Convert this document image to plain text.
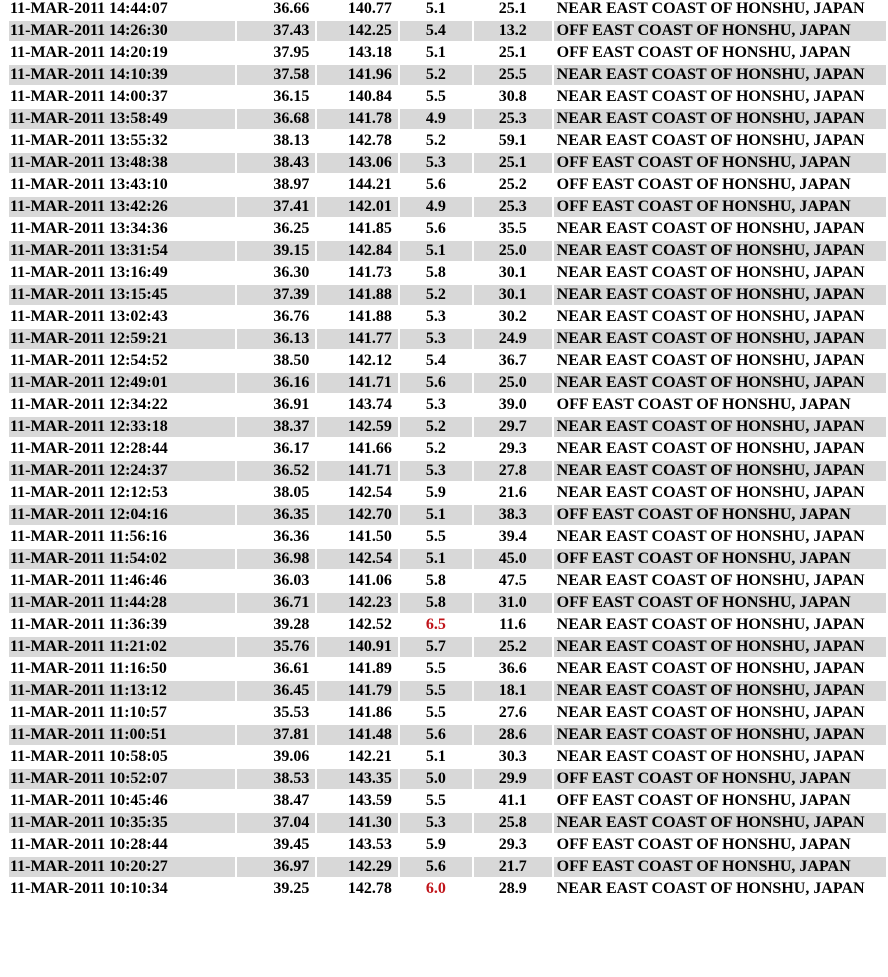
11-MAR-2011 14:44:07	36.66	140.77	5.1	25.1	NEAR EAST COAST OF HONSHU, JAPAN
11-MAR-2011 14:26:30	37.43	142.25	5.4	13.2	OFF EAST COAST OF HONSHU, JAPAN
11-MAR-2011 14:20:19	37.95	143.18	5.1	25.1	OFF EAST COAST OF HONSHU, JAPAN
11-MAR-2011 14:10:39	37.58	141.96	5.2	25.5	NEAR EAST COAST OF HONSHU, JAPAN
11-MAR-2011 14:00:37	36.15	140.84	5.5	30.8	NEAR EAST COAST OF HONSHU, JAPAN
11-MAR-2011 13:58:49	36.68	141.78	4.9	25.3	NEAR EAST COAST OF HONSHU, JAPAN
11-MAR-2011 13:55:32	38.13	142.78	5.2	59.1	NEAR EAST COAST OF HONSHU, JAPAN
11-MAR-2011 13:48:38	38.43	143.06	5.3	25.1	OFF EAST COAST OF HONSHU, JAPAN
11-MAR-2011 13:43:10	38.97	144.21	5.6	25.2	OFF EAST COAST OF HONSHU, JAPAN
11-MAR-2011 13:42:26	37.41	142.01	4.9	25.3	OFF EAST COAST OF HONSHU, JAPAN
11-MAR-2011 13:34:36	36.25	141.85	5.6	35.5	NEAR EAST COAST OF HONSHU, JAPAN
11-MAR-2011 13:31:54	39.15	142.84	5.1	25.0	NEAR EAST COAST OF HONSHU, JAPAN
11-MAR-2011 13:16:49	36.30	141.73	5.8	30.1	NEAR EAST COAST OF HONSHU, JAPAN
11-MAR-2011 13:15:45	37.39	141.88	5.2	30.1	NEAR EAST COAST OF HONSHU, JAPAN
11-MAR-2011 13:02:43	36.76	141.88	5.3	30.2	NEAR EAST COAST OF HONSHU, JAPAN
11-MAR-2011 12:59:21	36.13	141.77	5.3	24.9	NEAR EAST COAST OF HONSHU, JAPAN
11-MAR-2011 12:54:52	38.50	142.12	5.4	36.7	NEAR EAST COAST OF HONSHU, JAPAN
11-MAR-2011 12:49:01	36.16	141.71	5.6	25.0	NEAR EAST COAST OF HONSHU, JAPAN
11-MAR-2011 12:34:22	36.91	143.74	5.3	39.0	OFF EAST COAST OF HONSHU, JAPAN
11-MAR-2011 12:33:18	38.37	142.59	5.2	29.7	NEAR EAST COAST OF HONSHU, JAPAN
11-MAR-2011 12:28:44	36.17	141.66	5.2	29.3	NEAR EAST COAST OF HONSHU, JAPAN
11-MAR-2011 12:24:37	36.52	141.71	5.3	27.8	NEAR EAST COAST OF HONSHU, JAPAN
11-MAR-2011 12:12:53	38.05	142.54	5.9	21.6	NEAR EAST COAST OF HONSHU, JAPAN
11-MAR-2011 12:04:16	36.35	142.70	5.1	38.3	OFF EAST COAST OF HONSHU, JAPAN
11-MAR-2011 11:56:16	36.36	141.50	5.5	39.4	NEAR EAST COAST OF HONSHU, JAPAN
11-MAR-2011 11:54:02	36.98	142.54	5.1	45.0	OFF EAST COAST OF HONSHU, JAPAN
11-MAR-2011 11:46:46	36.03	141.06	5.8	47.5	NEAR EAST COAST OF HONSHU, JAPAN
11-MAR-2011 11:44:28	36.71	142.23	5.8	31.0	OFF EAST COAST OF HONSHU, JAPAN
11-MAR-2011 11:36:39	39.28	142.52	6.5	11.6	NEAR EAST COAST OF HONSHU, JAPAN
11-MAR-2011 11:21:02	35.76	140.91	5.7	25.2	NEAR EAST COAST OF HONSHU, JAPAN
11-MAR-2011 11:16:50	36.61	141.89	5.5	36.6	NEAR EAST COAST OF HONSHU, JAPAN
11-MAR-2011 11:13:12	36.45	141.79	5.5	18.1	NEAR EAST COAST OF HONSHU, JAPAN
11-MAR-2011 11:10:57	35.53	141.86	5.5	27.6	NEAR EAST COAST OF HONSHU, JAPAN
11-MAR-2011 11:00:51	37.81	141.48	5.6	28.6	NEAR EAST COAST OF HONSHU, JAPAN
11-MAR-2011 10:58:05	39.06	142.21	5.1	30.3	NEAR EAST COAST OF HONSHU, JAPAN
11-MAR-2011 10:52:07	38.53	143.35	5.0	29.9	OFF EAST COAST OF HONSHU, JAPAN
11-MAR-2011 10:45:46	38.47	143.59	5.5	41.1	OFF EAST COAST OF HONSHU, JAPAN
11-MAR-2011 10:35:35	37.04	141.30	5.3	25.8	NEAR EAST COAST OF HONSHU, JAPAN
11-MAR-2011 10:28:44	39.45	143.53	5.9	29.3	OFF EAST COAST OF HONSHU, JAPAN
11-MAR-2011 10:20:27	36.97	142.29	5.6	21.7	OFF EAST COAST OF HONSHU, JAPAN
11-MAR-2011 10:10:34	39.25	142.78	6.0	28.9	NEAR EAST COAST OF HONSHU, JAPAN
